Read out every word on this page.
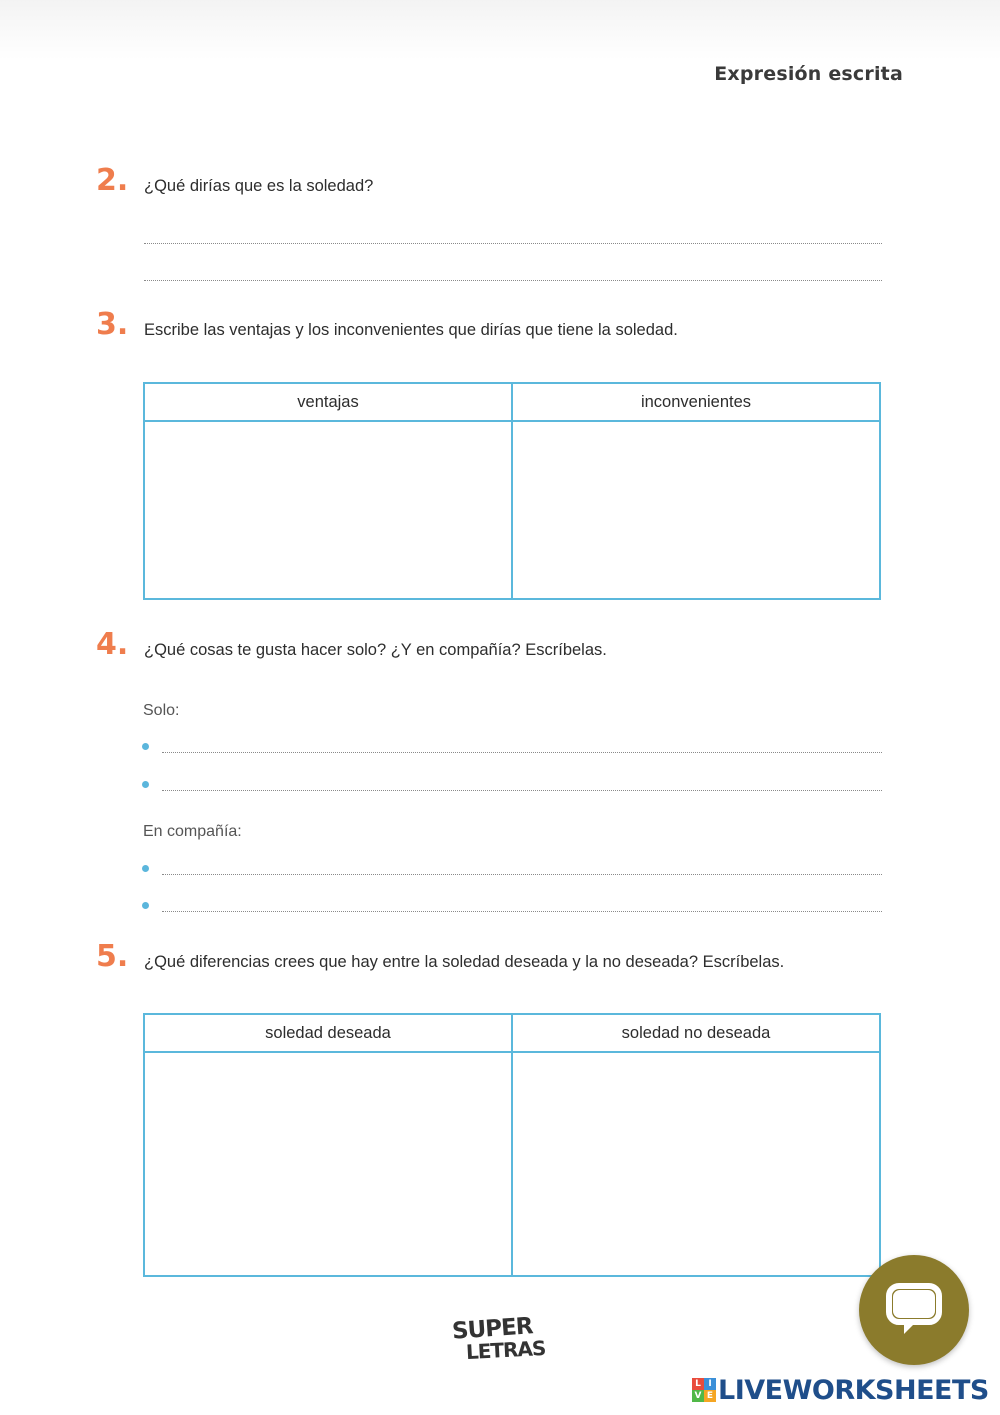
Expresión escrita
2. ¿Qué dirías que es la soledad?
3. Escribe las ventajas y los inconvenientes que dirías que tiene la soledad.
ventajas	inconvenientes

4. ¿Qué cosas te gusta hacer solo? ¿Y en compañía? Escríbelas.
Solo:
En compañía:
5. ¿Qué diferencias crees que hay entre la soledad deseada y la no deseada? Escríbelas.
soledad deseada	soledad no deseada

SUPER
LETRAS
L I
V E LIVEWORKSHEETS
